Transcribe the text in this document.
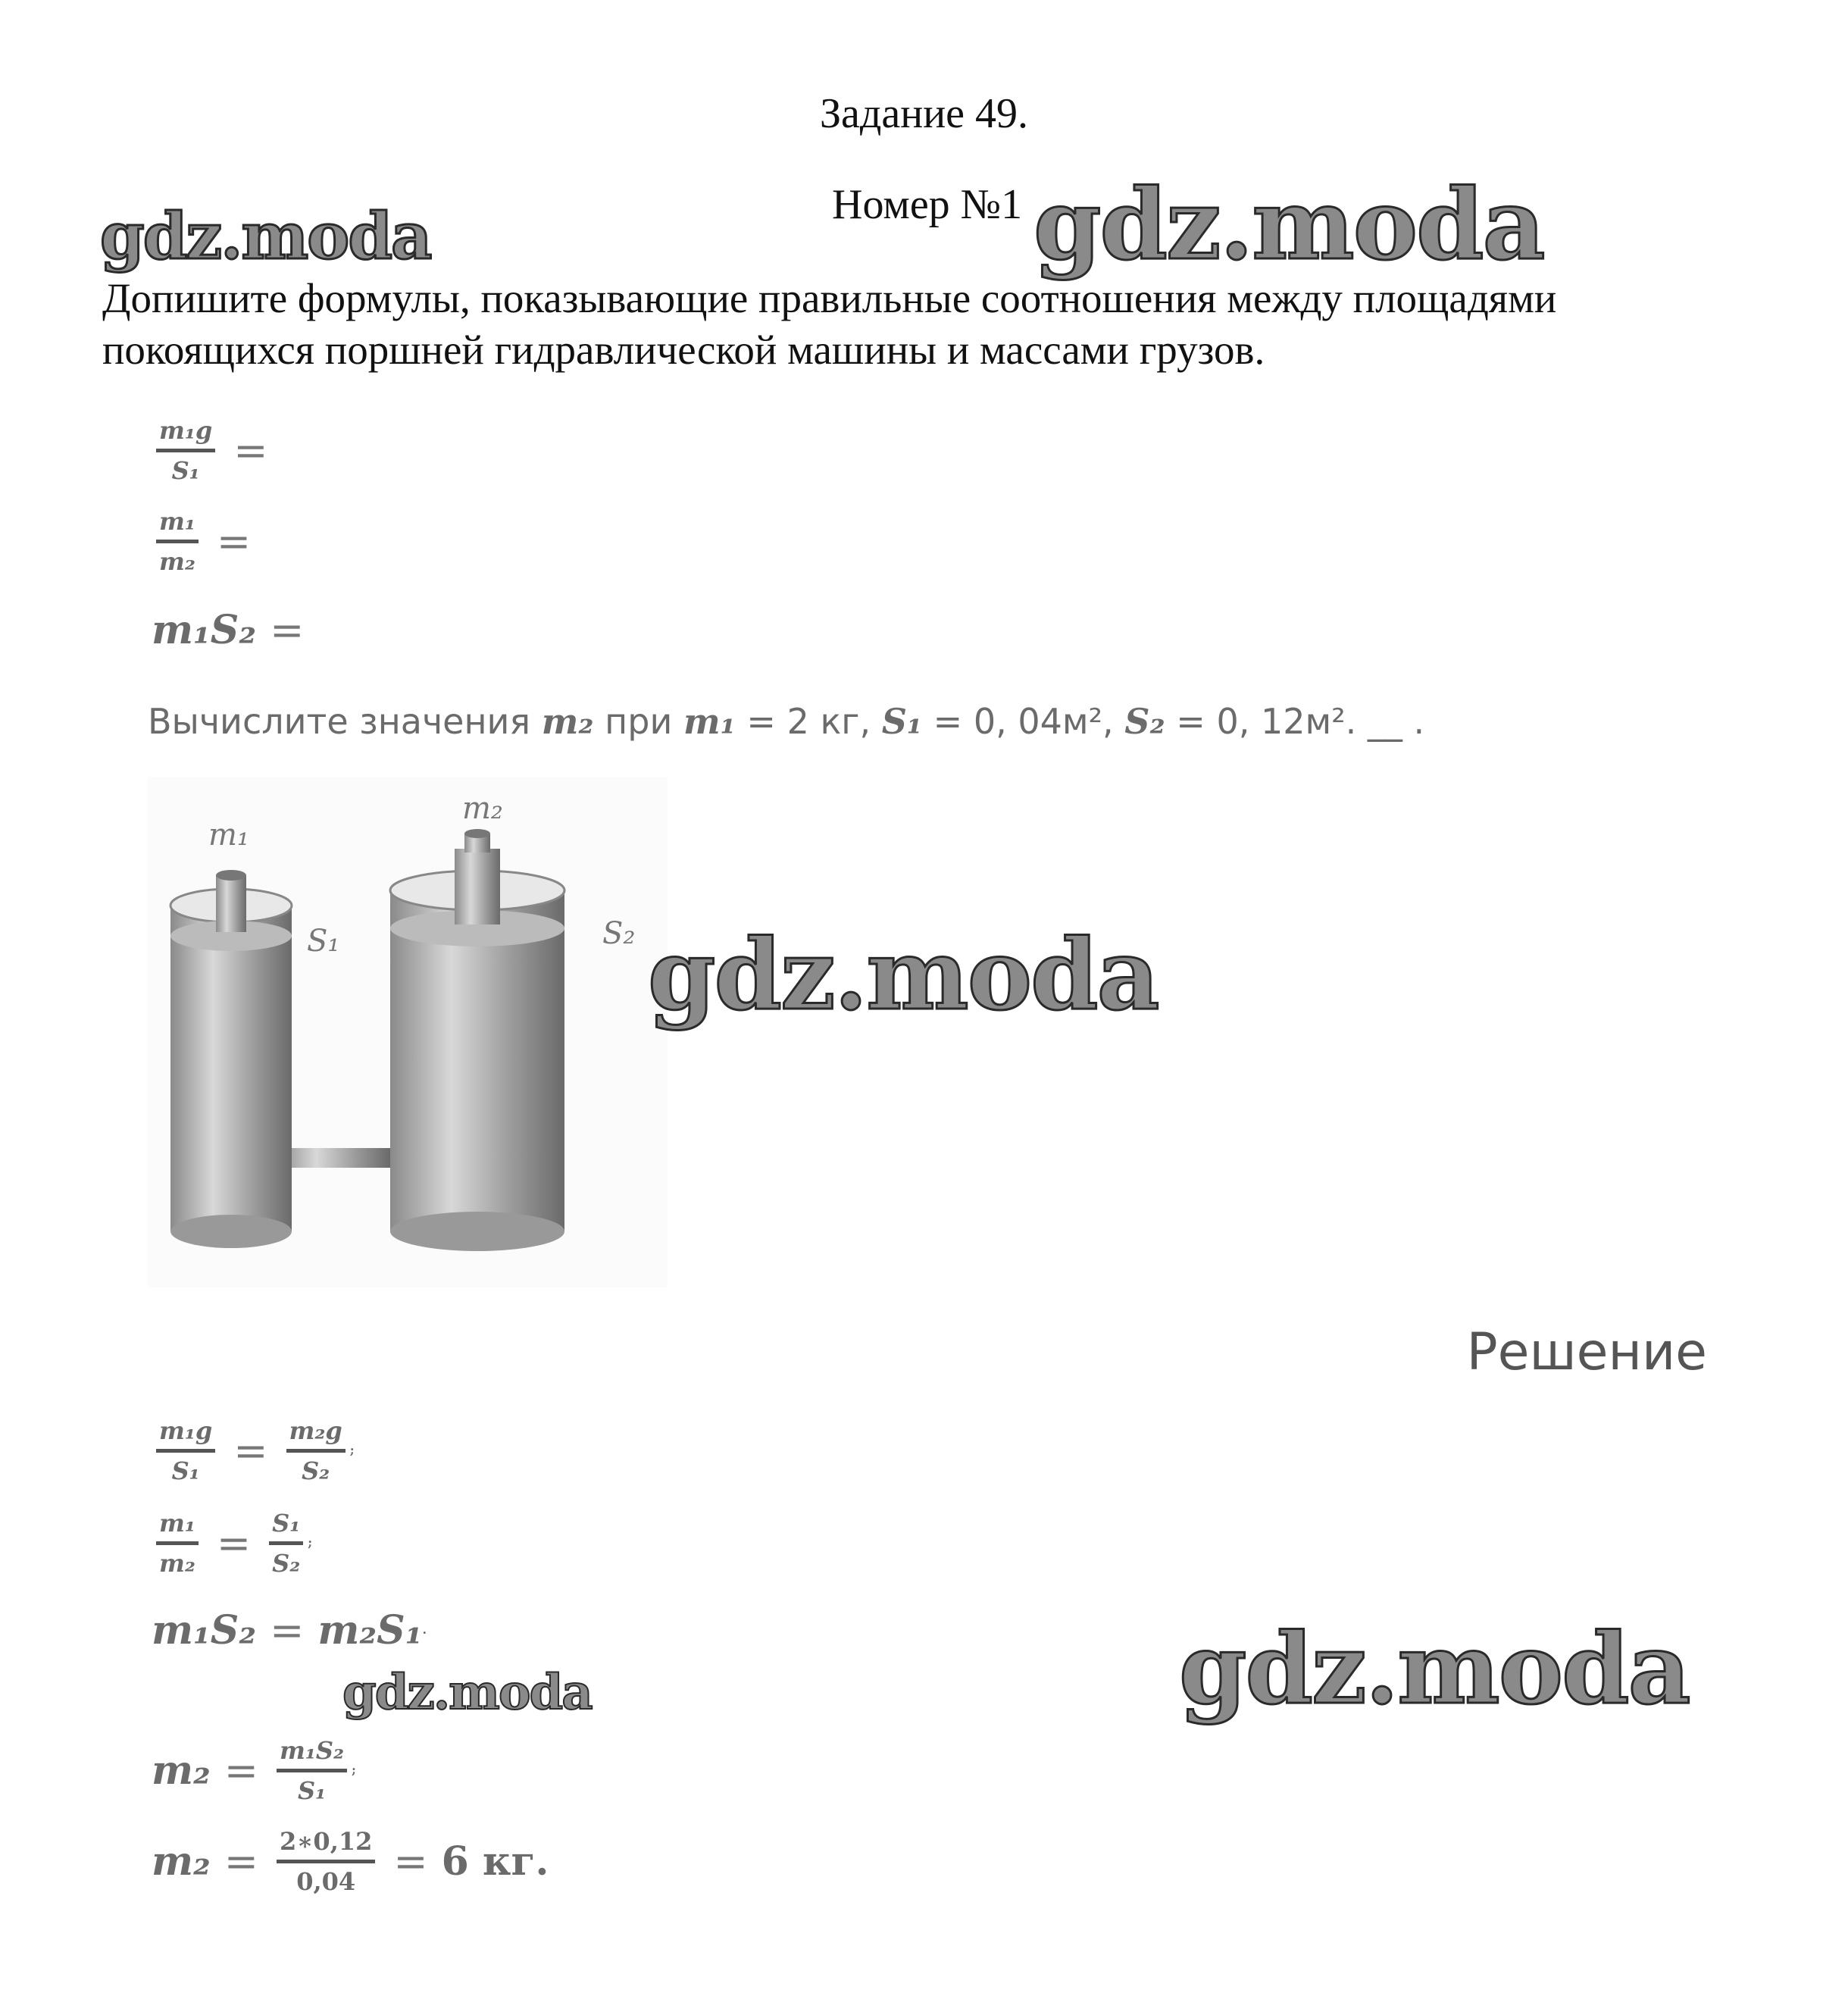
Задание 49.
Номер №1
gdz.moda	gdz.moda
Допишите формулы, показывающие правильные соотношения между площадями покоящихся поршней гидравлической машины и массами грузов.
$\frac{\text{m₁g}}{\text{S₁}}$ =
$\frac{\text{m₁}}{\text{m₂}}$ =
m₁S₂ =
Вычислите значения m₂ при m₁ = 2 кг, S₁ = 0, 04м², S₂ = 0, 12м². __ .
m₁
m₂
S₁	S₂ gdz.moda
Решение
$\frac{\text{m₁g}}{\text{S₁}} = \frac{\text{m₂g}}{\text{S₂}}$ ;
$\frac{\text{m₁}}{\text{m₂}} = \frac{\text{S₁}}{\text{S₂}}$ ;
m₁S₂ = m₂S₁.
gdz.moda	gdz.moda
$m_2 = \frac{\text{m₁S₂}}{\text{S₁}}$ ;
$m_2 = \frac{2∗0,12}{0,04} = 6$ кг.
